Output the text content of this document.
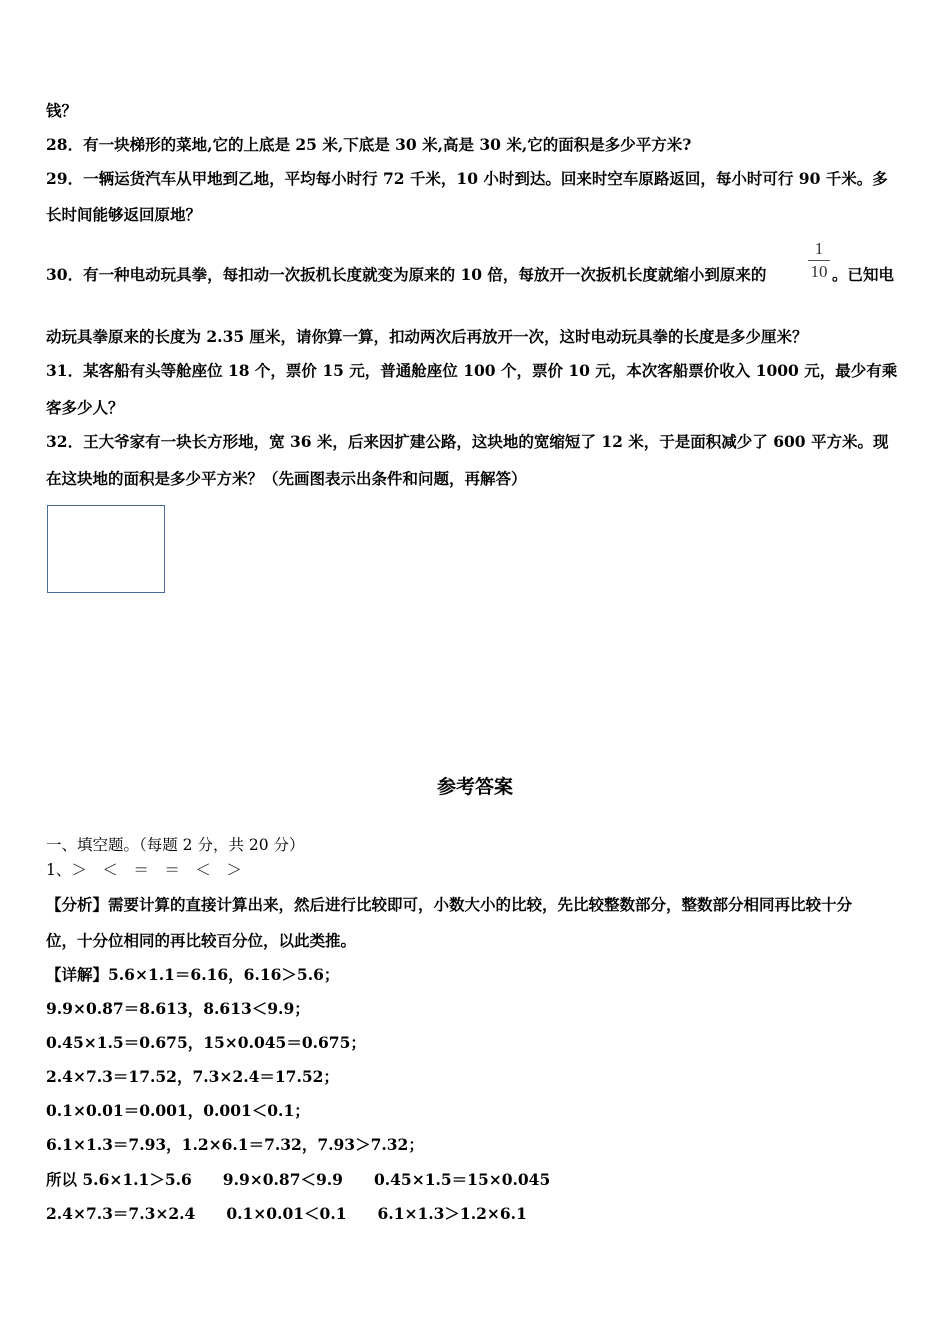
钱？
28．有一块梯形的菜地,它的上底是 25 米,下底是 30 米,高是 30 米,它的面积是多少平方米?
29．一辆运货汽车从甲地到乙地，平均每小时行 72 千米，10 小时到达。回来时空车原路返回，每小时可行 90 千米。多
长时间能够返回原地？
30．有一种电动玩具拳，每扣动一次扳机长度就变为原来的 10 倍，每放开一次扳机长度就缩小到原来的
1
10 。已知电
动玩具拳原来的长度为 2.35 厘米，请你算一算，扣动两次后再放开一次，这时电动玩具拳的长度是多少厘米？
31．某客船有头等舱座位 18 个，票价 15 元，普通舱座位 100 个，票价 10 元，本次客船票价收入 1000 元，最少有乘
客多少人？
32．王大爷家有一块长方形地，宽 36 米，后来因扩建公路，这块地的宽缩短了 12 米，于是面积减少了 600 平方米。现
在这块地的面积是多少平方米？（先画图表示出条件和问题，再解答）
参考答案
一、填空题。（每题 2 分，共 20 分）
1、＞　＜　＝　＝　＜　＞
【分析】需要计算的直接计算出来，然后进行比较即可，小数大小的比较，先比较整数部分，整数部分相同再比较十分
位，十分位相同的再比较百分位，以此类推。
【详解】5.6×1.1＝6.16，6.16＞5.6；
9.9×0.87＝8.613，8.613＜9.9；
0.45×1.5＝0.675，15×0.045＝0.675；
2.4×7.3＝17.52，7.3×2.4＝17.52；
0.1×0.01＝0.001，0.001＜0.1；
6.1×1.3＝7.93，1.2×6.1＝7.32，7.93＞7.32；
所以 5.6×1.1＞5.6　　9.9×0.87＜9.9　　0.45×1.5＝15×0.045
2.4×7.3＝7.3×2.4　　0.1×0.01＜0.1　　6.1×1.3＞1.2×6.1
